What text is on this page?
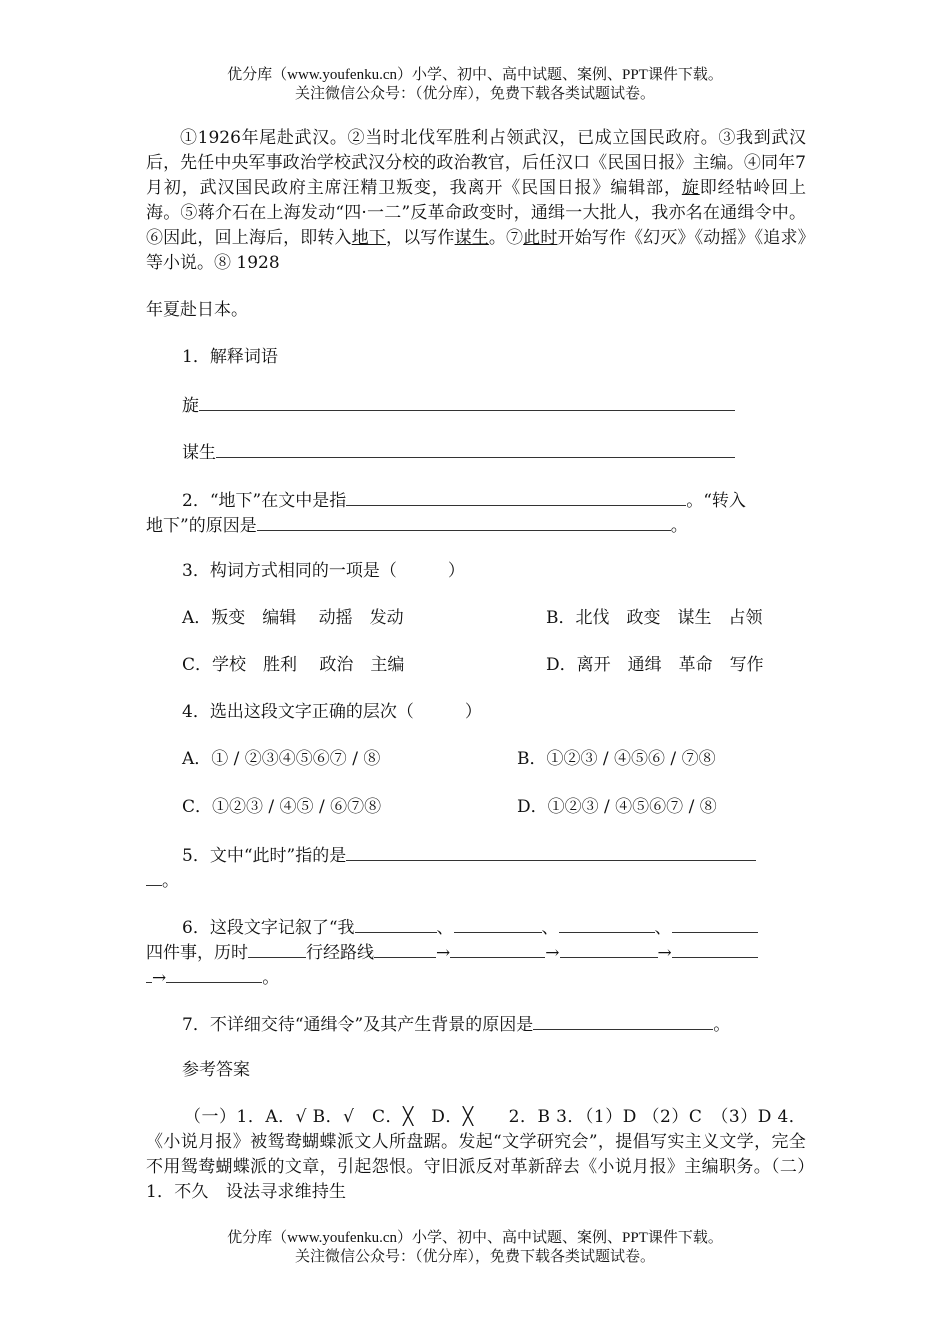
优分库（www.youfenku.cn）小学、初中、高中试题、案例、PPT课件下载。
关注微信公众号：（优分库），免费下载各类试题试卷。
①1926年尾赴武汉。②当时北伐军胜利占领武汉，已成立国民政府。③我到武汉后，先任中央军事政治学校武汉分校的政治教官，后任汉口《民国日报》主编。④同年7月初，武汉国民政府主席汪精卫叛变，我离开《民国日报》编辑部，旋即经牯岭回上海。⑤蒋介石在上海发动“四·一二”反革命政变时，通缉一大批人，我亦名在通缉令中。⑥因此，回上海后，即转入地下，以写作谋生。⑦此时开始写作《幻灭》《动摇》《追求》等小说。⑧ 1928
年夏赴日本。
1．解释词语
旋
谋生
2．“地下”在文中是指	。“转入
地下”的原因是	。
3．构词方式相同的一项是（　　　）
A．叛变　编辑　 动摇　发动	B．北伐　政变　谋生　占领
C．学校　胜利　 政治　主编	D．离开　通缉　革命　写作
4．选出这段文字正确的层次（　　　）
A．① / ②③④⑤⑥⑦ / ⑧	B．①②③ / ④⑤⑥ / ⑦⑧
C．①②③ / ④⑤ / ⑥⑦⑧	D．①②③ / ④⑤⑥⑦ / ⑧
5．文中“此时”指的是
。
6．这段文字记叙了“我	、	、	、
四件事，历时	行经路线	→	→	→
→	。
7．不详细交待“通缉令”及其产生背景的原因是	。
参考答案
（一）1．A．√ B．√　C．╳　D．╳　　2．B 3．（1）D （2）C　（3）D 4．《小说月报》被鸳鸯蝴蝶派文人所盘踞。发起“文学研究会”，提倡写实主义文学，完全不用鸳鸯蝴蝶派的文章，引起怨恨。守旧派反对革新辞去《小说月报》主编职务。（二）1．不久　设法寻求维持生
优分库（www.youfenku.cn）小学、初中、高中试题、案例、PPT课件下载。
关注微信公众号：（优分库），免费下载各类试题试卷。
